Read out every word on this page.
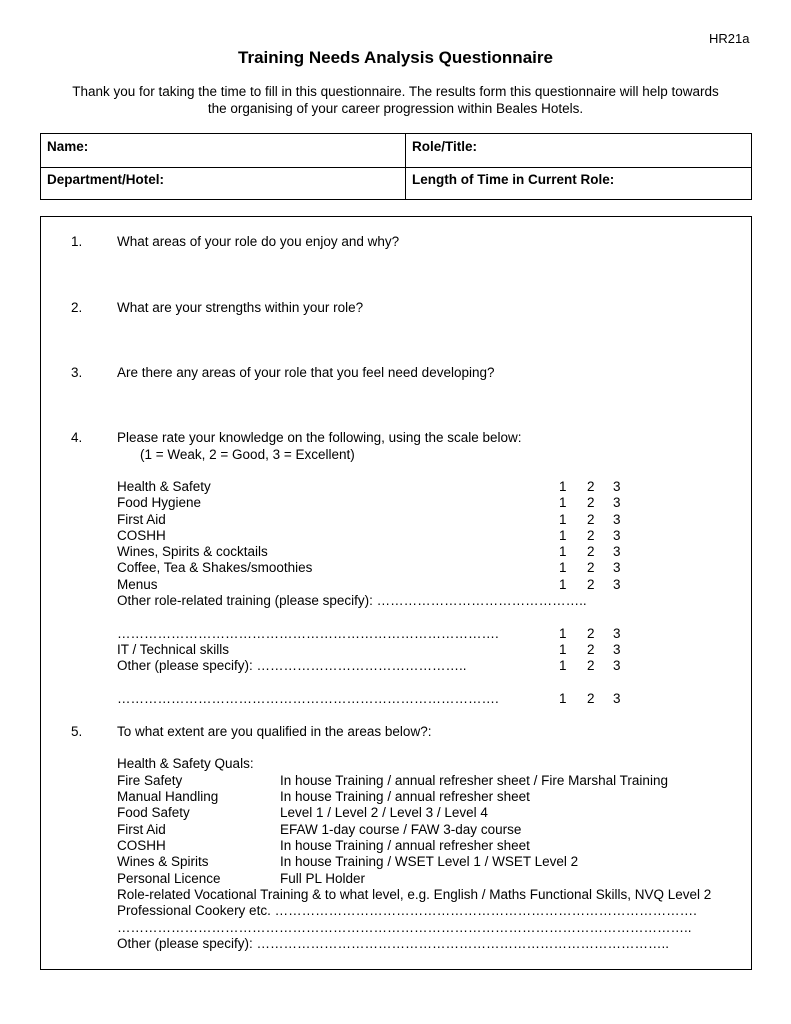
HR21a
Training Needs Analysis Questionnaire
Thank you for taking the time to fill in this questionnaire. The results form this questionnaire will help towards
the organising of your career progression within Beales Hotels.
Name:	Role/Title:
Department/Hotel:	Length of Time in Current Role:
1.	What areas of your role do you enjoy and why?
2.	What are your strengths within your role?
3.	Are there any areas of your role that you feel need developing?
4.	Please rate your knowledge on the following, using the scale below:
(1 = Weak, 2 = Good, 3 = Excellent)
Health & Safety	1 2 3
Food Hygiene	1 2 3
First Aid	1 2 3
COSHH	1 2 3
Wines, Spirits & cocktails	1 2 3
Coffee, Tea & Shakes/smoothies	1 2 3
Menus	1 2 3
Other role-related training (please specify): ………………………………………..
………………………………………………………………………….	1 2 3
IT / Technical skills	1 2 3
Other (please specify): ………………………………………..	1 2 3
………………………………………………………………………….	1 2 3
5.	To what extent are you qualified in the areas below?:
Health & Safety Quals:
Fire Safety	In house Training / annual refresher sheet / Fire Marshal Training
Manual Handling	In house Training / annual refresher sheet
Food Safety	Level 1 / Level 2 / Level 3 / Level 4
First Aid	EFAW 1-day course / FAW 3-day course
COSHH	In house Training / annual refresher sheet
Wines & Spirits	In house Training / WSET Level 1 / WSET Level 2
Personal Licence	Full PL Holder
Role-related Vocational Training & to what level, e.g. English / Maths Functional Skills, NVQ Level 2
Professional Cookery etc. ………………………………………………………………………………….
………………………………………………………………………………………………………………..
Other (please specify): ………………………………………………………………………………..
